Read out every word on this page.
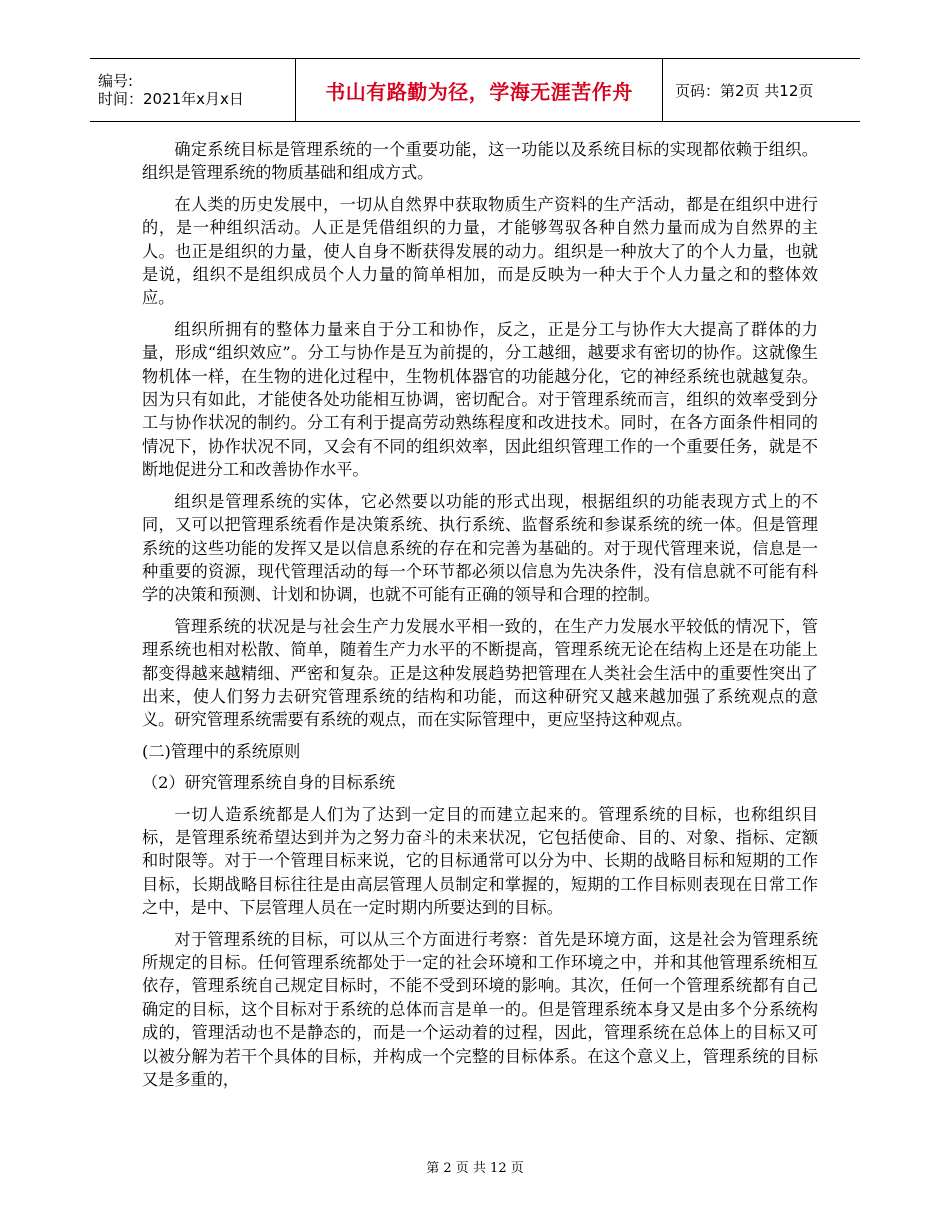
编号:
时间：2021年x月x日	书山有路勤为径，学海无涯苦作舟	页码：第2页 共12页

确定系统目标是管理系统的一个重要功能，这一功能以及系统目标的实现都依赖于组织。组织是管理系统的物质基础和组成方式。

在人类的历史发展中，一切从自然界中获取物质生产资料的生产活动，都是在组织中进行的，是一种组织活动。人正是凭借组织的力量，才能够驾驭各种自然力量而成为自然界的主人。也正是组织的力量，使人自身不断获得发展的动力。组织是一种放大了的个人力量，也就是说，组织不是组织成员个人力量的简单相加，而是反映为一种大于个人力量之和的整体效应。

组织所拥有的整体力量来自于分工和协作，反之，正是分工与协作大大提高了群体的力量，形成“组织效应”。分工与协作是互为前提的，分工越细，越要求有密切的协作。这就像生物机体一样，在生物的进化过程中，生物机体器官的功能越分化，它的神经系统也就越复杂。因为只有如此，才能使各处功能相互协调，密切配合。对于管理系统而言，组织的效率受到分工与协作状况的制约。分工有利于提高劳动熟练程度和改进技术。同时，在各方面条件相同的情况下，协作状况不同，又会有不同的组织效率，因此组织管理工作的一个重要任务，就是不断地促进分工和改善协作水平。

组织是管理系统的实体，它必然要以功能的形式出现，根据组织的功能表现方式上的不同，又可以把管理系统看作是决策系统、执行系统、监督系统和参谋系统的统一体。但是管理系统的这些功能的发挥又是以信息系统的存在和完善为基础的。对于现代管理来说，信息是一种重要的资源，现代管理活动的每一个环节都必须以信息为先决条件，没有信息就不可能有科学的决策和预测、计划和协调，也就不可能有正确的领导和合理的控制。

管理系统的状况是与社会生产力发展水平相一致的，在生产力发展水平较低的情况下，管理系统也相对松散、简单，随着生产力水平的不断提高，管理系统无论在结构上还是在功能上都变得越来越精细、严密和复杂。正是这种发展趋势把管理在人类社会生活中的重要性突出了出来，使人们努力去研究管理系统的结构和功能，而这种研究又越来越加强了系统观点的意义。研究管理系统需要有系统的观点，而在实际管理中，更应坚持这种观点。

(二)管理中的系统原则

（2）研究管理系统自身的目标系统

一切人造系统都是人们为了达到一定目的而建立起来的。管理系统的目标，也称组织目标，是管理系统希望达到并为之努力奋斗的未来状况，它包括使命、目的、对象、指标、定额和时限等。对于一个管理目标来说，它的目标通常可以分为中、长期的战略目标和短期的工作目标，长期战略目标往往是由高层管理人员制定和掌握的，短期的工作目标则表现在日常工作之中，是中、下层管理人员在一定时期内所要达到的目标。

对于管理系统的目标，可以从三个方面进行考察：首先是环境方面，这是社会为管理系统所规定的目标。任何管理系统都处于一定的社会环境和工作环境之中，并和其他管理系统相互依存，管理系统自己规定目标时，不能不受到环境的影响。其次，任何一个管理系统都有自己确定的目标，这个目标对于系统的总体而言是单一的。但是管理系统本身又是由多个分系统构成的，管理活动也不是静态的，而是一个运动着的过程，因此，管理系统在总体上的目标又可以被分解为若干个具体的目标，并构成一个完整的目标体系。在这个意义上，管理系统的目标又是多重的，

第 2 页 共 12 页
